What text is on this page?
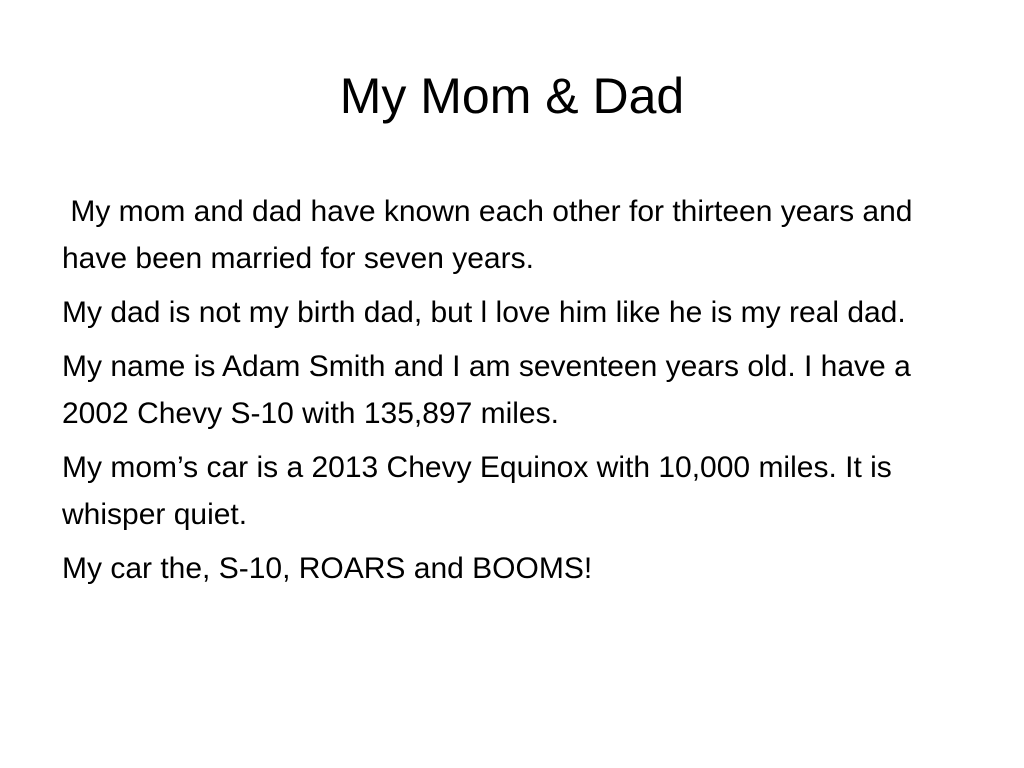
My Mom & Dad

My mom and dad have known each other for thirteen years and have been married for seven years.

My dad is not my birth dad, but l love him like he is my real dad.

My name is Adam Smith and I am seventeen years old. I have a 2002 Chevy S-10 with 135,897 miles.

My mom’s car is a 2013 Chevy Equinox with 10,000 miles. It is whisper quiet.

My car the, S-10, ROARS and BOOMS!
